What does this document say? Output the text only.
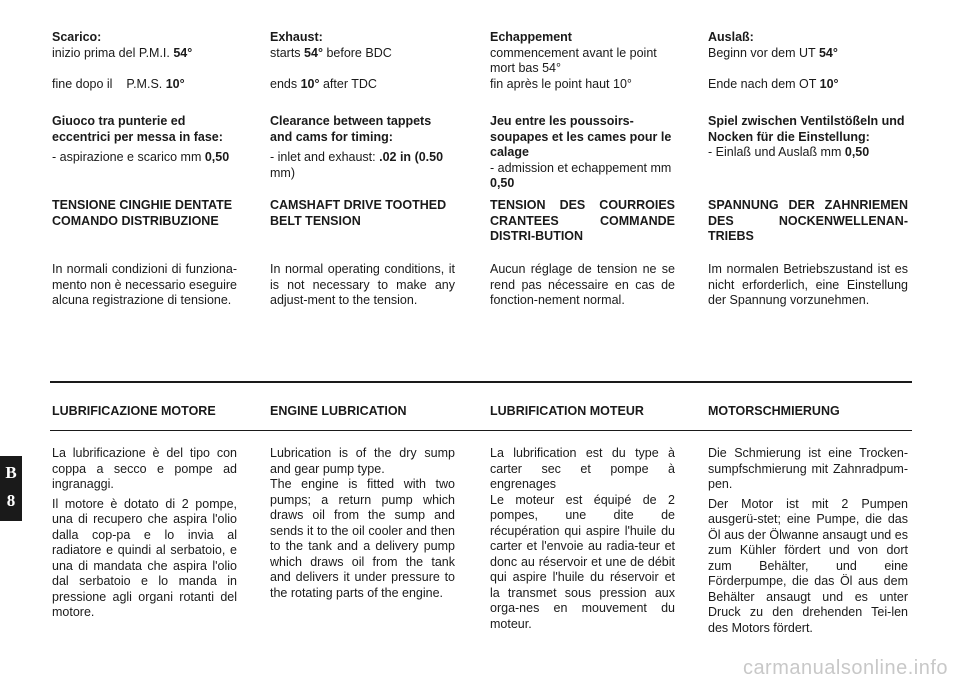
Scarico:
inizio prima del P.M.I. 54°
fine dopo il    P.M.S. 10°
Giuoco tra punterie ed eccentrici per messa in fase:
- aspirazione e scarico mm 0,50
TENSIONE CINGHIE DENTATE COMANDO DISTRIBUZIONE
In normali condizioni di funziona-mento non è necessario eseguire alcuna registrazione di tensione.
LUBRIFICAZIONE MOTORE

La lubrificazione è del tipo con coppa a secco e pompe ad ingranaggi.

Il motore è dotato di 2 pompe, una di recupero che aspira l'olio dalla cop-pa e lo invia al radiatore e quindi al serbatoio, e una di mandata che aspira l'olio dal serbatoio e lo manda in pressione agli organi rotanti del motore.

Exhaust:
starts 54° before BDC
ends 10° after TDC
Clearance between tappets and cams for timing:
- inlet and exhaust: .02 in (0.50 mm)
CAMSHAFT DRIVE TOOTHED BELT TENSION
In normal operating conditions, it is not necessary to make any adjust-ment to the tension.
ENGINE LUBRICATION

Lubrication is of the dry sump and gear pump type.

The engine is fitted with two pumps; a return pump which draws oil from the sump and sends it to the oil cooler and then to the tank and a delivery pump which draws oil from the tank and delivers it under pressure to the rotating parts of the engine.

Echappement
commencement avant le point mort bas 54°
fin après le point haut 10°
Jeu entre les poussoirs-soupapes et les cames pour le calage
- admission et echappement mm
0,50
TENSION DES COURROIES CRANTEES COMMANDE DISTRI-BUTION
Aucun réglage de tension ne se rend pas nécessaire en cas de fonction-nement normal.
LUBRIFICATION MOTEUR

La lubrification est du type à carter sec et pompe à engrenages

Le moteur est équipé de 2 pompes, une dite de récupération qui aspire l'huile du carter et l'envoie au radia-teur et donc au réservoir et une de débit qui aspire l'huile du réservoir et la transmet sous pression aux orga-nes en mouvement du moteur.

Auslaß:
Beginn vor dem UT 54°
Ende nach dem OT 10°
Spiel zwischen Ventilstößeln und Nocken für die Einstellung:
- Einlaß und Auslaß mm 0,50
SPANNUNG DER ZAHNRIEMEN DES NOCKENWELLENAN-TRIEBS
Im normalen Betriebszustand ist es nicht erforderlich, eine Einstellung der Spannung vorzunehmen.
MOTORSCHMIERUNG

Die Schmierung ist eine Trocken-sumpfschmierung mit Zahnradpum-pen.

Der Motor ist mit 2 Pumpen ausgerü-stet; eine Pumpe, die das Öl aus der Ölwanne ansaugt und es zum Kühler fördert und von dort zum Behälter, und eine Förderpumpe, die das Öl aus dem Behälter ansaugt und es unter Druck zu den drehenden Tei-len des Motors fördert.

B
8
carmanualsonline.info
